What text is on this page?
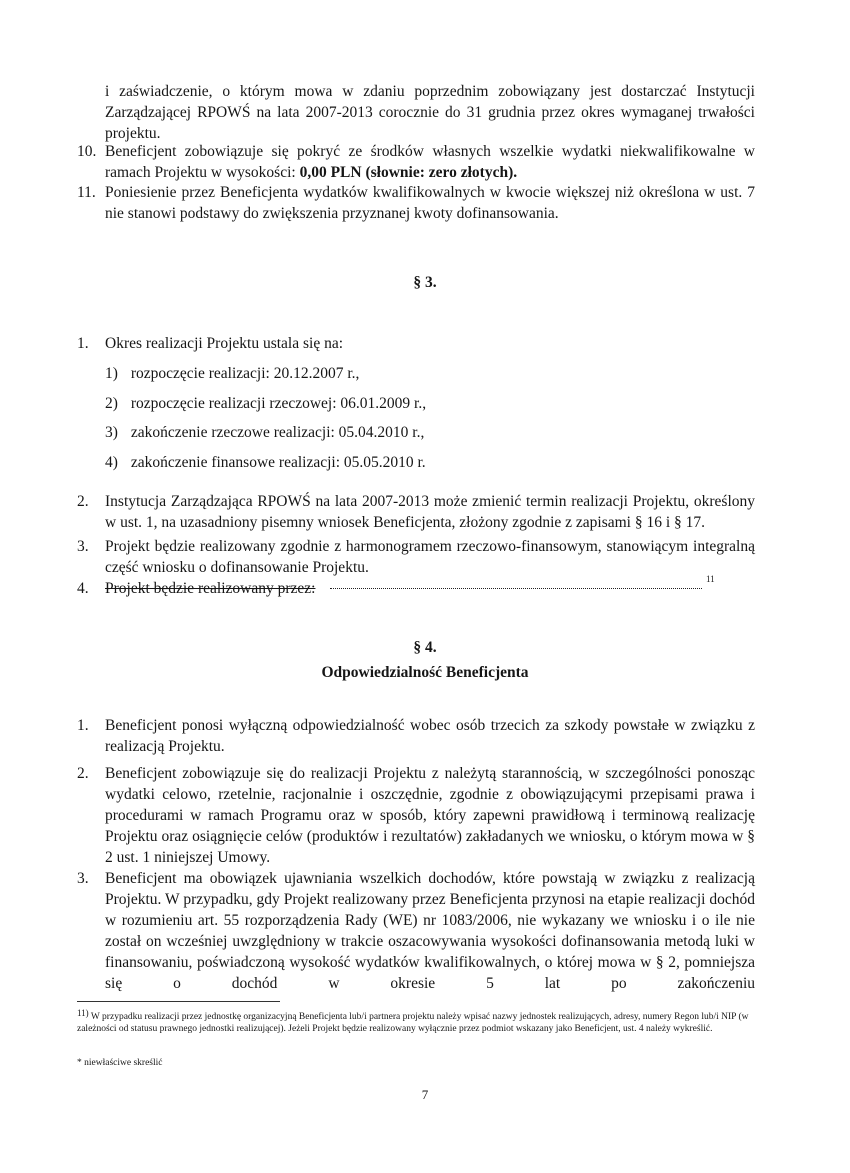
i zaświadczenie, o którym mowa w zdaniu poprzednim zobowiązany jest dostarczać Instytucji Zarządzającej RPOWŚ na lata 2007-2013 corocznie do 31 grudnia przez okres wymaganej trwałości projektu.
10. Beneficjent zobowiązuje się pokryć ze środków własnych wszelkie wydatki niekwalifikowalne w ramach Projektu w wysokości: 0,00 PLN (słownie: zero złotych).
11. Poniesienie przez Beneficjenta wydatków kwalifikowalnych w kwocie większej niż określona w ust. 7 nie stanowi podstawy do zwiększenia przyznanej kwoty dofinansowania.
§ 3.
1.	Okres realizacji Projektu ustala się na:
1) rozpoczęcie realizacji: 20.12.2007 r.,
2) rozpoczęcie realizacji rzeczowej: 06.01.2009 r.,
3) zakończenie rzeczowe realizacji: 05.04.2010 r.,
4) zakończenie finansowe realizacji: 05.05.2010 r.
2.	Instytucja Zarządzająca RPOWŚ na lata 2007-2013 może zmienić termin realizacji Projektu, określony w ust. 1, na uzasadniony pisemny wniosek Beneficjenta, złożony zgodnie z zapisami § 16 i § 17.
3.	Projekt będzie realizowany zgodnie z harmonogramem rzeczowo-finansowym, stanowiącym integralną część wniosku o dofinansowanie Projektu.
4.	Projekt będzie realizowany przez:
11
§ 4.
Odpowiedzialność Beneficjenta
1.	Beneficjent ponosi wyłączną odpowiedzialność wobec osób trzecich za szkody powstałe w związku z realizacją Projektu.
2.	Beneficjent zobowiązuje się do realizacji Projektu z należytą starannością, w szczególności ponosząc wydatki celowo, rzetelnie, racjonalnie i oszczędnie, zgodnie z obowiązującymi przepisami prawa i procedurami w ramach Programu oraz w sposób, który zapewni prawidłową i terminową realizację Projektu oraz osiągnięcie celów (produktów i rezultatów) zakładanych we wniosku, o którym mowa w § 2 ust. 1 niniejszej Umowy.
3.	Beneficjent ma obowiązek ujawniania wszelkich dochodów, które powstają w związku z realizacją Projektu. W przypadku, gdy Projekt realizowany przez Beneficjenta przynosi na etapie realizacji dochód w rozumieniu art. 55 rozporządzenia Rady (WE) nr 1083/2006, nie wykazany we wniosku i o ile nie został on wcześniej uwzględniony w trakcie oszacowywania wysokości dofinansowania metodą luki w finansowaniu, poświadczoną wysokość wydatków kwalifikowalnych, o której mowa w § 2, pomniejsza się o dochód w okresie 5 lat po zakończeniu
11) W przypadku realizacji przez jednostkę organizacyjną Beneficjenta lub/i partnera projektu należy wpisać nazwy jednostek realizujących, adresy, numery Regon lub/i NIP (w zależności od statusu prawnego jednostki realizującej). Jeżeli Projekt będzie realizowany wyłącznie przez podmiot wskazany jako Beneficjent, ust. 4 należy wykreślić.
* niewłaściwe skreślić
7
